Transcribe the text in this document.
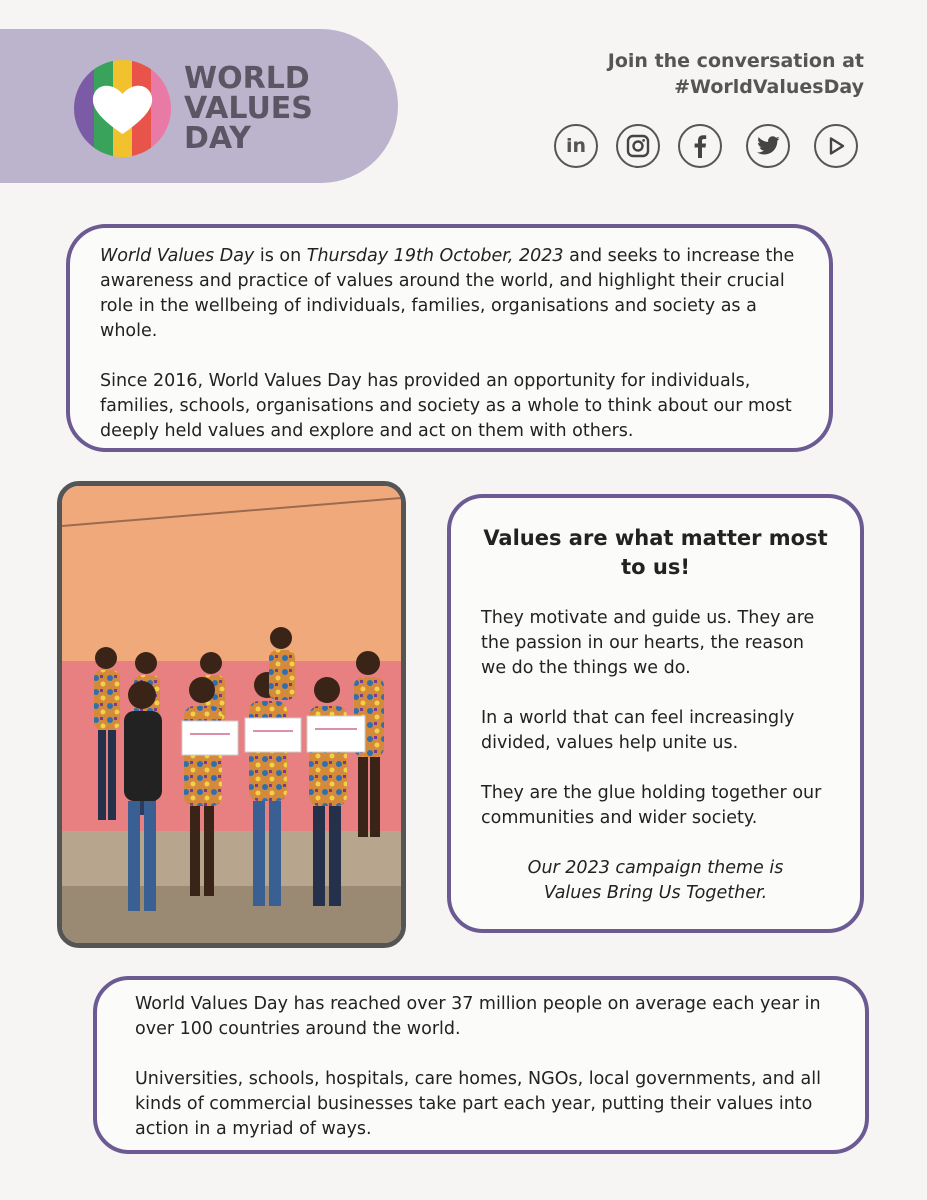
WORLD
VALUES
DAY
Join the conversation at
#WorldValuesDay
in

World Values Day is on Thursday 19th October, 2023 and seeks to increase the awareness and practice of values around the world, and highlight their crucial role in the wellbeing of individuals, families, organisations and society as a whole.

Since 2016, World Values Day has provided an opportunity for individuals, families, schools, organisations and society as a whole to think about our most deeply held values and explore and act on them with others.

Values are what matter most to us!

They motivate and guide us. They are the passion in our hearts, the reason we do the things we do.

In a world that can feel increasingly divided, values help unite us.

They are the glue holding together our communities and wider society.

Our 2023 campaign theme is

Values Bring Us Together.

World Values Day has reached over 37 million people on average each year in over 100 countries around the world.

Universities, schools, hospitals, care homes, NGOs, local governments, and all kinds of commercial businesses take part each year, putting their values into action in a myriad of ways.
